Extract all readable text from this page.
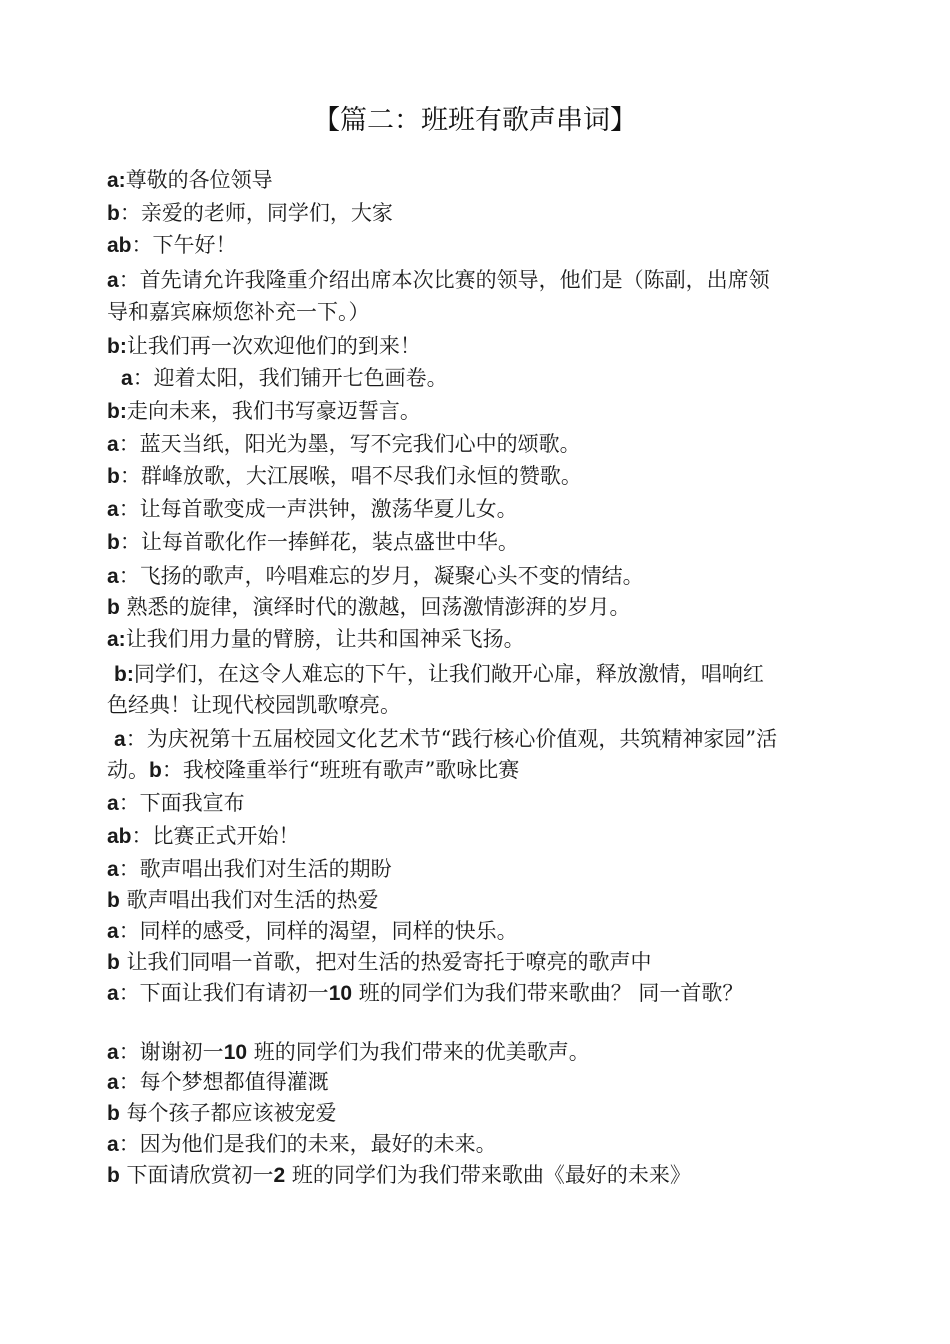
【篇二：班班有歌声串词】
a:尊敬的各位领导
b：亲爱的老师，同学们，大家
ab：下午好！
a：首先请允许我隆重介绍出席本次比赛的领导，他们是（陈副，出席领
导和嘉宾麻烦您补充一下。）
b:让我们再一次欢迎他们的到来！
a：迎着太阳，我们铺开七色画卷。
b:走向未来，我们书写豪迈誓言。
a：蓝天当纸，阳光为墨，写不完我们心中的颂歌。
b：群峰放歌，大江展喉，唱不尽我们永恒的赞歌。
a：让每首歌变成一声洪钟，激荡华夏儿女。
b：让每首歌化作一捧鲜花，装点盛世中华。
a：飞扬的歌声，吟唱难忘的岁月，凝聚心头不变的情结。
b 熟悉的旋律，演绎时代的激越，回荡激情澎湃的岁月。
a:让我们用力量的臂膀，让共和国神采飞扬。
b:同学们，在这令人难忘的下午，让我们敞开心扉，释放激情，唱响红
色经典！让现代校园凯歌嘹亮。
a：为庆祝第十五届校园文化艺术节“践行核心价值观，共筑精神家园”活
动。b：我校隆重举行“班班有歌声”歌咏比赛
a：下面我宣布
ab：比赛正式开始！
a：歌声唱出我们对生活的期盼
b 歌声唱出我们对生活的热爱
a：同样的感受，同样的渴望，同样的快乐。
b 让我们同唱一首歌，把对生活的热爱寄托于嘹亮的歌声中
a：下面让我们有请初一10 班的同学们为我们带来歌曲？ 同一首歌？
a：谢谢初一10 班的同学们为我们带来的优美歌声。
a：每个梦想都值得灌溉
b 每个孩子都应该被宠爱
a：因为他们是我们的未来，最好的未来。
b 下面请欣赏初一2 班的同学们为我们带来歌曲《最好的未来》
